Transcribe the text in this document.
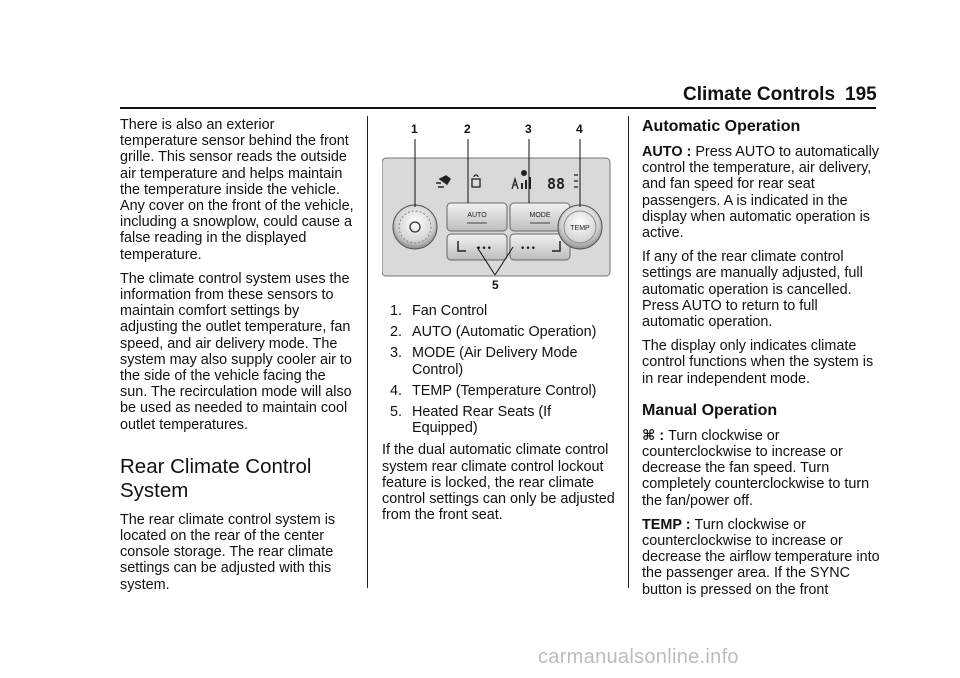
Climate Controls 195

There is also an exterior temperature sensor behind the front grille. This sensor reads the outside air temperature and helps maintain the temperature inside the vehicle. Any cover on the front of the vehicle, including a snowplow, could cause a false reading in the displayed temperature.

The climate control system uses the information from these sensors to maintain comfort settings by adjusting the outlet temperature, fan speed, and air delivery mode. The system may also supply cooler air to the side of the vehicle facing the sun. The recirculation mode will also be used as needed to maintain cool outlet temperatures.

Rear Climate Control System

The rear climate control system is located on the rear of the center console storage. The rear climate settings can be adjusted with this system.

88
AUTO	MODE
•••	•••
TEMP
1	2	3	4
5
1. Fan Control
2. AUTO (Automatic Operation)
3. MODE (Air Delivery Mode Control)
4. TEMP (Temperature Control)
5. Heated Rear Seats (If Equipped)

If the dual automatic climate control system rear climate control lockout feature is locked, the rear climate control settings can only be adjusted from the front seat.

Automatic Operation

AUTO : Press AUTO to automatically control the temperature, air delivery, and fan speed for rear seat passengers. A is indicated in the display when automatic operation is active.

If any of the rear climate control settings are manually adjusted, full automatic operation is cancelled. Press AUTO to return to full automatic operation.

The display only indicates climate control functions when the system is in rear independent mode.

Manual Operation

⌘ : Turn clockwise or counterclockwise to increase or decrease the fan speed. Turn completely counterclockwise to turn the fan/power off.

TEMP : Turn clockwise or counterclockwise to increase or decrease the airflow temperature into the passenger area. If the SYNC button is pressed on the front

carmanualsonline.info
